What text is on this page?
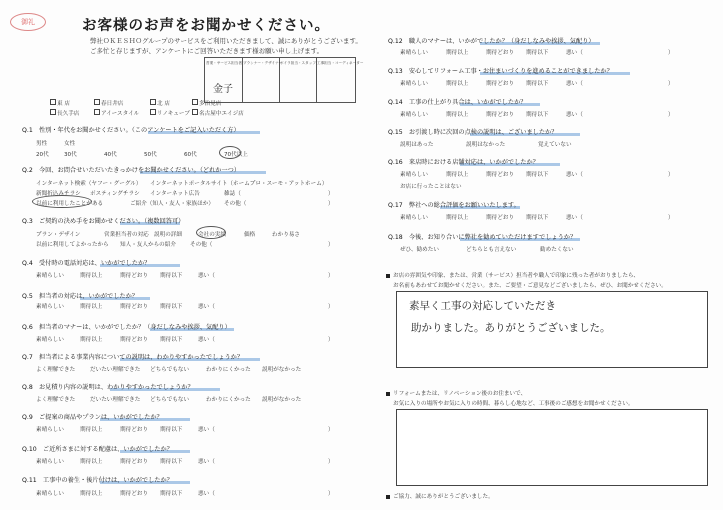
御礼	お客様のお声をお聞かせください。
弊社ＯＫＥＳＨＯグループのサービスをご利用いただきまして、誠にありがとうございます。
ご多忙と存じますが、アンケートにご回答いただきます様お願い申し上げます。
営業・サービス担当者 プランナー・デザイナー
ボイラ担当・スタッフ 工事担当・コーディネーター
金子
東 店	春日井店	北 店	多治見店
長久手店	アイースタイル	リノキューブ	名古屋中エイジ店
Q.1　性別・年代をお聞かせください。（このアンケートをご記入いただく方）
男性	女性
20代	30代	40代	50代	60代	70代以上
Q.2　今回、お問合せいただいたきっかけをお聞かせください。（どれか一つ）
インターネット検索（ヤフー・グーグル） インターネットポータルサイト（ホームプロ・スーモ・アットホーム）
新聞折込みチラシ ポスティングチラシ インターネット広告	雑誌（	）
以前に利用したことがある	ご紹介（知人・友人・家族ほか） その他（	）
Q.3　ご契約の決め手をお聞かせください。（複数回答可）
プラン・デザイン	営業担当者の対応 説明の詳細	会社の実績	価格	わかり易さ
以前に利用してよかったから 知人・友人からの紹介	その他（	）
Q.4　受付時の電話対応は、いかがでしたか？
素晴らしい	期待以上	期待どおり 期待以下	悪い（	）
Q.5　担当者の対応は、いかがでしたか？
素晴らしい	期待以上	期待どおり 期待以下	悪い（	）
Q.6　担当者のマナーは、いかがでしたか？（身だしなみや挨拶、気配り）
素晴らしい	期待以上	期待どおり 期待以下	悪い（	）
Q.7　担当者による事業内容についての説明は、わかりやすかったでしょうか？
よく理解できた	だいたい理解できた どちらでもない	わかりにくかった 説明がなかった
Q.8　お見積り内容の説明は、わかりやすかったでしょうか？
よく理解できた	だいたい理解できた どちらでもない	わかりにくかった 説明がなかった
Q.9　ご提案の商品やプランは、いかがでしたか？
素晴らしい	期待以上	期待どおり 期待以下	悪い（	）
Q.10　ご近所さまに対する配慮は、いかがでしたか？
素晴らしい	期待以上	期待どおり 期待以下	悪い（	）
Q.11　工事中の養生・後片付けは、いかがでしたか？
素晴らしい	期待以上	期待どおり 期待以下	悪い（	）
Q.12　職人のマナーは、いかがでしたか？（身だしなみや挨拶、気配り）
素晴らしい	期待以上	期待どおり 期待以下	悪い（	）
Q.13　安心してリフォーム工事・お住まいづくりを進めることができましたか？
素晴らしい	期待以上	期待どおり 期待以下	悪い（	）
Q.14　工事の仕上がり具合は、いかがでしたか？
素晴らしい	期待以上	期待どおり 期待以下	悪い（	）
Q.15　お引渡し時に次回の点検の説明は、ございましたか？
説明はあった	説明はなかった	覚えていない
Q.16　来店時における店舗対応は、いかがでしたか？
素晴らしい	期待以上	期待どおり 期待以下	悪い（	）
お店に行ったことはない
Q.17　弊社への総合評価をお願いいたします。
素晴らしい	期待以上	期待どおり 期待以下	悪い（	）
Q.18　今後、お知り合いに弊社を勧めていただけますでしょうか？
ぜひ、勧めたい	どちらとも言えない	勧めたくない
お店の雰囲気や印象、または、営業（サービス）担当者や職人で印象に残った者がおりましたら、
お名前もあわせてお聞かせください。また、ご要望・ご意見などございましたら、ぜひ、お聞かせください。
素早く工事の対応していただき
助かりました。ありがとうございました。
リフォームまたは、リノベーション後のお住まいで、
お気に入りの場所やお気に入りの時間、暮らし心地など、工事後のご感想をお聞かせください。
ご協力、誠にありがとうございました。
